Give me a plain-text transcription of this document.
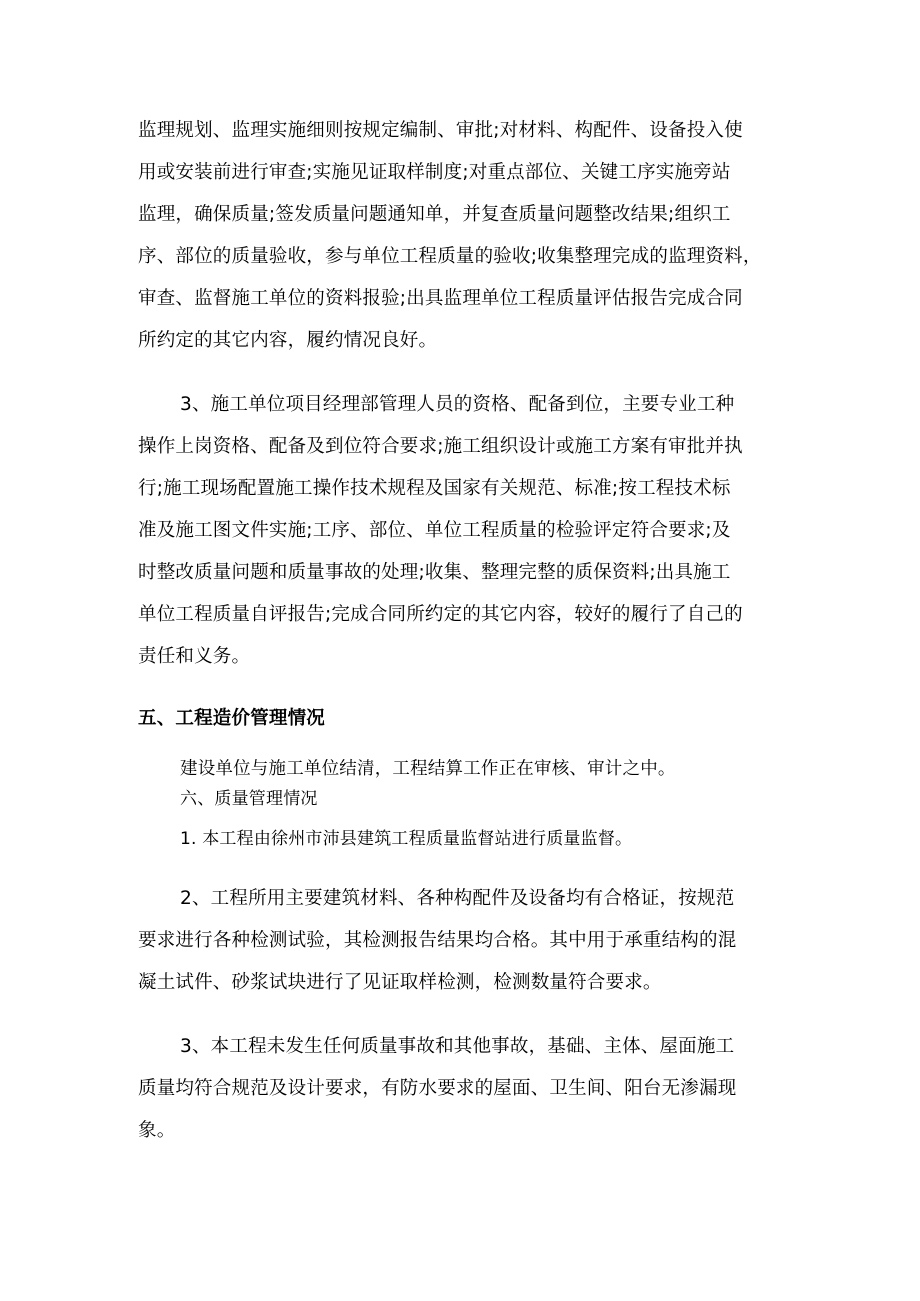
监理规划、监理实施细则按规定编制、审批;对材料、构配件、设备投入使
用或安装前进行审查;实施见证取样制度;对重点部位、关键工序实施旁站
监理，确保质量;签发质量问题通知单，并复查质量问题整改结果;组织工
序、部位的质量验收，参与单位工程质量的验收;收集整理完成的监理资料，
审查、监督施工单位的资料报验;出具监理单位工程质量评估报告完成合同
所约定的其它内容，履约情况良好。
3、施工单位项目经理部管理人员的资格、配备到位，主要专业工种
操作上岗资格、配备及到位符合要求;施工组织设计或施工方案有审批并执
行;施工现场配置施工操作技术规程及国家有关规范、标准;按工程技术标
准及施工图文件实施;工序、部位、单位工程质量的检验评定符合要求;及
时整改质量问题和质量事故的处理;收集、整理完整的质保资料;出具施工
单位工程质量自评报告;完成合同所约定的其它内容，较好的履行了自己的
责任和义务。
五、工程造价管理情况
建设单位与施工单位结清，工程结算工作正在审核、审计之中。
六、质量管理情况
1. 本工程由徐州市沛县建筑工程质量监督站进行质量监督。
2、工程所用主要建筑材料、各种构配件及设备均有合格证，按规范
要求进行各种检测试验，其检测报告结果均合格。其中用于承重结构的混
凝土试件、砂浆试块进行了见证取样检测，检测数量符合要求。
3、本工程未发生任何质量事故和其他事故，基础、主体、屋面施工
质量均符合规范及设计要求，有防水要求的屋面、卫生间、阳台无渗漏现
象。
